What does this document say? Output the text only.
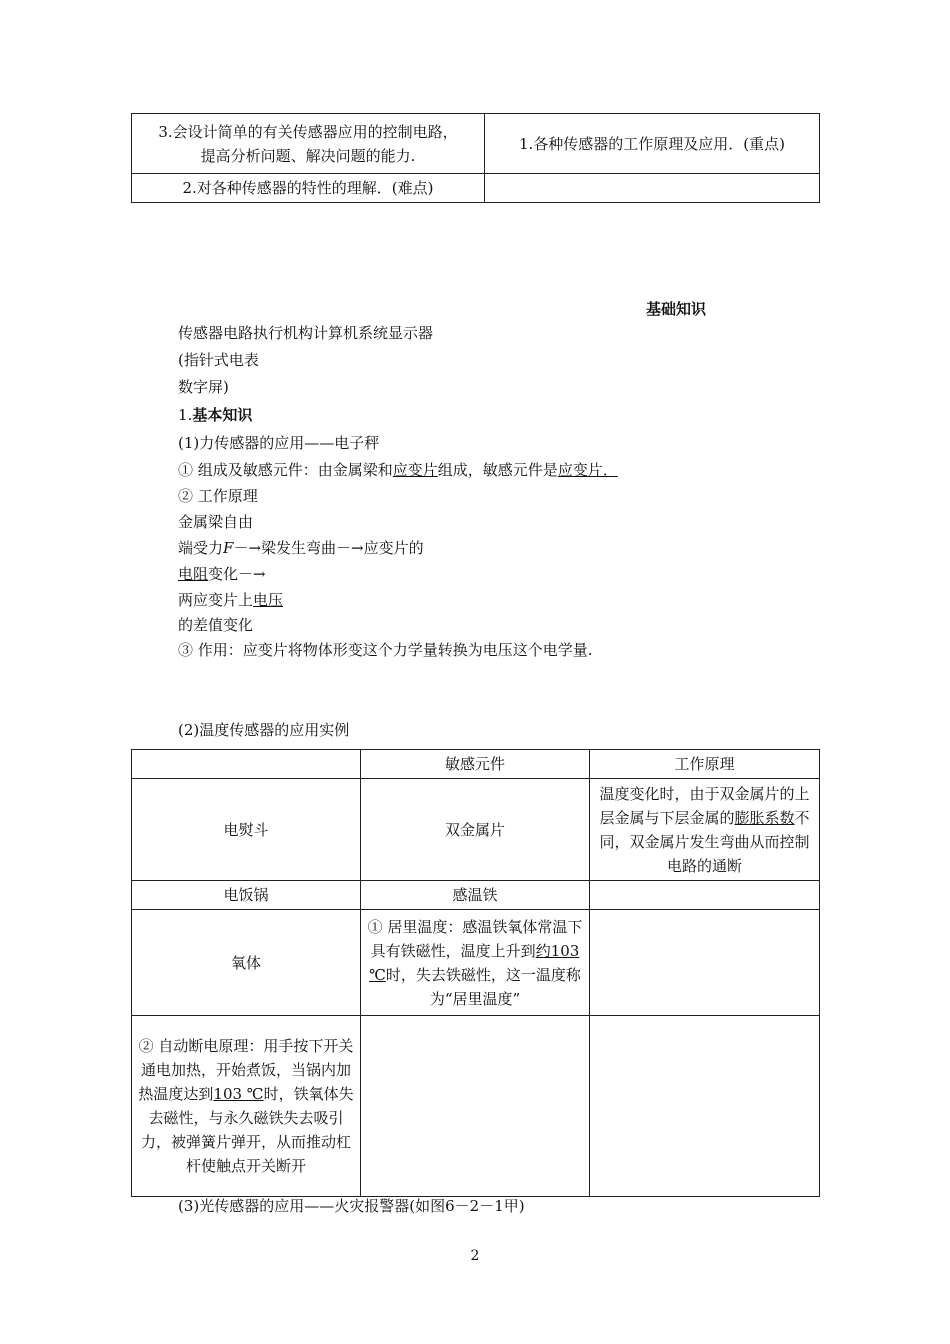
3.会设计简单的有关传感器应用的控制电路，
提高分析问题、解决问题的能力.	1.各种传感器的工作原理及应用．(重点)
2.对各种传感器的特性的理解．(难点)	
基础知识
传感器电路执行机构计算机系统显示器
(指针式电表
数字屏)
1.基本知识
(1)力传感器的应用——电子秤
① 组成及敏感元件：由金属梁和应变片组成，敏感元件是应变片．
② 工作原理
金属梁自由
端受力F－→梁发生弯曲－→应变片的
电阻变化－→
两应变片上电压
的差值变化
③ 作用：应变片将物体形变这个力学量转换为电压这个电学量.
(2)温度传感器的应用实例
	敏感元件	工作原理
电熨斗	双金属片	温度变化时，由于双金属片的上层金属与下层金属的膨胀系数不同，双金属片发生弯曲从而控制电路的通断
电饭锅	感温铁	
氧体	① 居里温度：感温铁氧体常温下具有铁磁性，温度上升到约103 ℃时，失去铁磁性，这一温度称为“居里温度”	
② 自动断电原理：用手按下开关通电加热，开始煮饭，当锅内加热温度达到103 ℃时，铁氧体失去磁性，与永久磁铁失去吸引力，被弹簧片弹开，从而推动杠杆使触点开关断开		
(3)光传感器的应用——火灾报警器(如图6－2－1甲)
2
